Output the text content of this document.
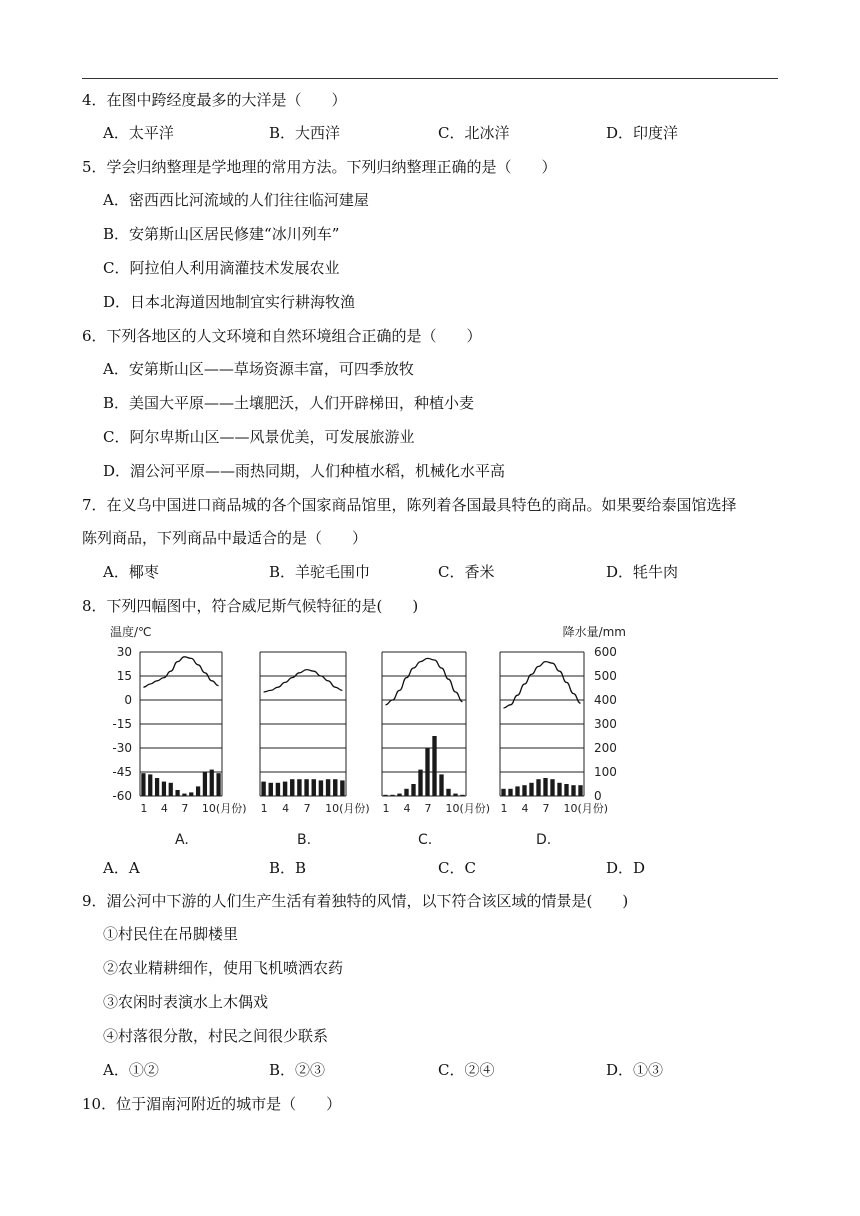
4．在图中跨经度最多的大洋是（　　）
A．太平洋	B．大西洋	C．北冰洋	D．印度洋
5．学会归纳整理是学地理的常用方法。下列归纳整理正确的是（　　）
A．密西西比河流域的人们往往临河建屋
B．安第斯山区居民修建“冰川列车”
C．阿拉伯人利用滴灌技术发展农业
D．日本北海道因地制宜实行耕海牧渔
6．下列各地区的人文环境和自然环境组合正确的是（　　）
A．安第斯山区——草场资源丰富，可四季放牧
B．美国大平原——土壤肥沃，人们开辟梯田，种植小麦
C．阿尔卑斯山区——风景优美，可发展旅游业
D．湄公河平原——雨热同期，人们种植水稻，机械化水平高
7．在义乌中国进口商品城的各个国家商品馆里，陈列着各国最具特色的商品。如果要给泰国馆选择
陈列商品，下列商品中最适合的是（　　）
A．椰枣	B．羊驼毛围巾	C．香米	D．牦牛肉
8．下列四幅图中，符合威尼斯气候特征的是(　　)
温度/℃	降水量/mm
30
15
0
-15
-30
-45
-60
600
500
400
300
200
100
0
1 4 7 10(月份)
A.
1 4 7 10(月份)
B.
1 4 7 10(月份)
C.
1 4 7 10(月份)
D.
A．A	B．B	C．C	D．D
9．湄公河中下游的人们生产生活有着独特的风情，以下符合该区域的情景是(　　)
①村民住在吊脚楼里
②农业精耕细作，使用飞机喷洒农药
③农闲时表演水上木偶戏
④村落很分散，村民之间很少联系
A．①②	B．②③	C．②④	D．①③
10．位于湄南河附近的城市是（　　）
